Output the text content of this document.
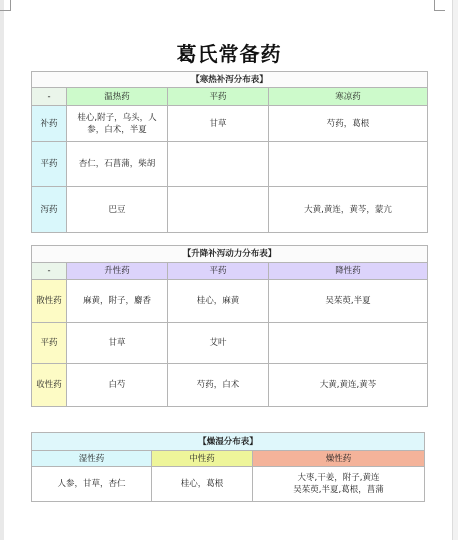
葛氏常备药
【寒热补泻分布表】			
-	温热药	平药	寒凉药
补药	桂心,附子，乌头，人参，白术，半夏	甘草	芍药，葛根
平药	杏仁，石菖蒲，柴胡		
泻药	巴豆		大黄,黄连，黄芩，蒙亢
【升降补泻动力分布表】			
-	升性药	平药	降性药
散性药	麻黄，附子，麝香	桂心，麻黄	吴茱萸,半夏
平药	甘草	艾叶	
收性药	白芍	芍药，白术	大黄,黄连,黄芩
【燥湿分布表】		
湿性药	中性药	燥性药
人参，甘草，杏仁	桂心，葛根	大枣,干姜，附子,黄连
吴茱萸,半夏,葛根，菖蒲
